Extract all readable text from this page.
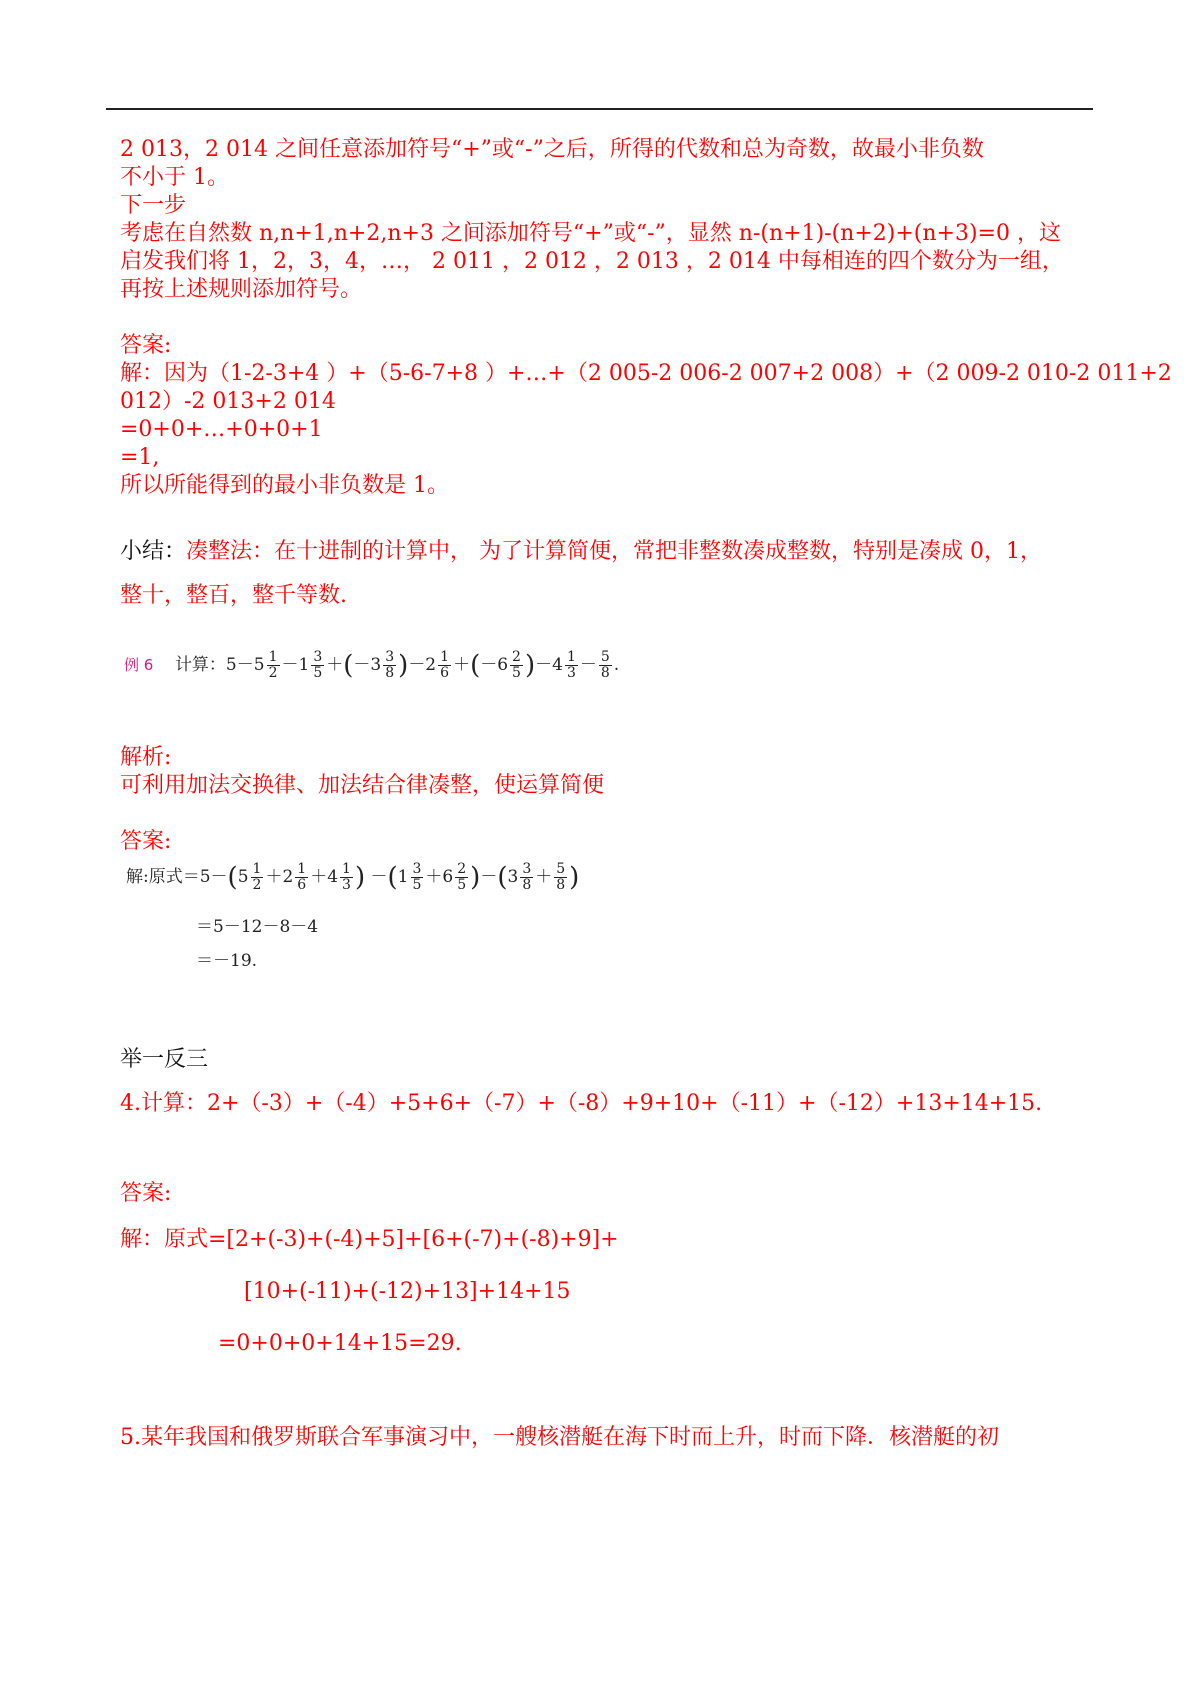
2 013，2 014 之间任意添加符号“+”或“-”之后，所得的代数和总为奇数，故最小非负数
不小于 1。
下一步
考虑在自然数 n,n+1,n+2,n+3 之间添加符号“+”或“-”，显然 n-(n+1)-(n+2)+(n+3)=0 ，这
启发我们将 1，2，3，4，…， 2 011 ，2 012 ，2 013 ，2 014 中每相连的四个数分为一组，
再按上述规则添加符号。
答案:
解：因为（1-2-3+4 ）+（5-6-7+8 ）+…+（2 005-2 006-2 007+2 008）+（2 009-2 010-2 011+2
012）-2 013+2 014
=0+0+…+0+0+1
=1,
所以所能得到的最小非负数是 1。
小结：凑整法：在十进制的计算中， 为了计算简便，常把非整数凑成整数，特别是凑成 0，1，
整十，整百，整千等数.
例 6 计算：$5-5 \frac{1}{2} -1 \frac{3}{5} +(-3 \frac{3}{8} )-2 \frac{1}{6} +(-6 \frac{2}{5} )-4 \frac{1}{3} - \frac{5}{8}$ .
解析:
可利用加法交换律、加法结合律凑整，使运算简便
答案:
解:原式$=5-(5 \frac{1}{2} +2 \frac{1}{6} +4 \frac{1}{3}$ ) $-(1 \frac{3}{5} +6 \frac{2}{5} )-(3 \frac{3}{8} + \frac{5}{8}$ )
＝5－12－8－4
＝－19.
举一反三
4.计算：2+（-3）+（-4）+5+6+（-7）+（-8）+9+10+（-11）+（-12）+13+14+15.
答案:
解：原式=[2+(-3)+(-4)+5]+[6+(-7)+(-8)+9]+
[10+(-11)+(-12)+13]+14+15
=0+0+0+14+15=29.
5.某年我国和俄罗斯联合军事演习中，一艘核潜艇在海下时而上升，时而下降．核潜艇的初
